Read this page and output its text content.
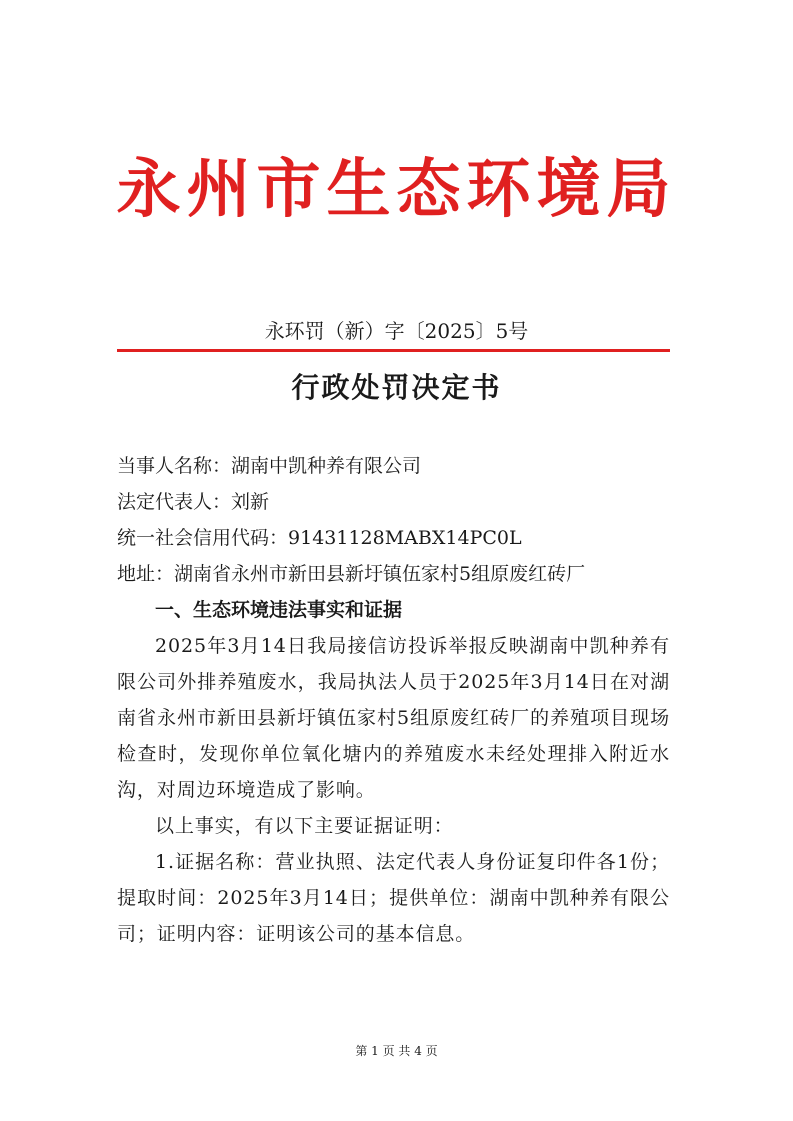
永州市生态环境局
永环罚（新）字〔2025〕5号
行政处罚决定书

当事人名称：湖南中凯种养有限公司

法定代表人：刘新

统一社会信用代码：91431128MABX14PC0L

地址：湖南省永州市新田县新圩镇伍家村5组原废红砖厂

一、生态环境违法事实和证据

2025年3月14日我局接信访投诉举报反映湖南中凯种养有限公司外排养殖废水，我局执法人员于2025年3月14日在对湖南省永州市新田县新圩镇伍家村5组原废红砖厂的养殖项目现场检查时，发现你单位氧化塘内的养殖废水未经处理排入附近水沟，对周边环境造成了影响。

以上事实，有以下主要证据证明：

1.证据名称：营业执照、法定代表人身份证复印件各1份；提取时间：2025年3月14日；提供单位：湖南中凯种养有限公司；证明内容：证明该公司的基本信息。

第 1 页 共 4 页
